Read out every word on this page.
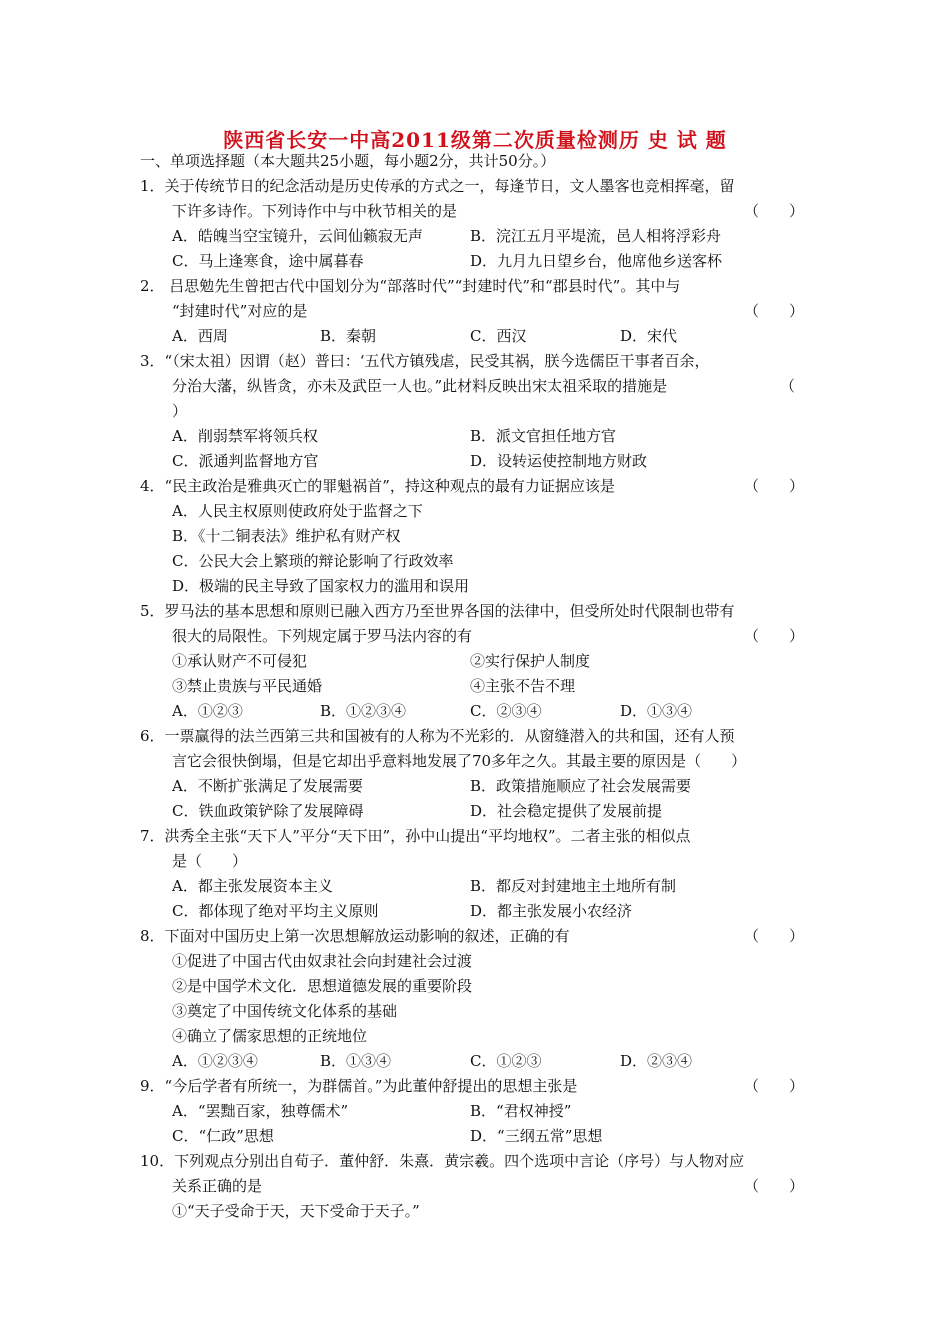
陕西省长安一中高2011级第二次质量检测历 史 试 题
一、单项选择题（本大题共25小题，每小题2分，共计50分。）
1．关于传统节日的纪念活动是历史传承的方式之一，每逢节日，文人墨客也竞相挥毫，留
下许多诗作。下列诗作中与中秋节相关的是	（　　）
A．皓魄当空宝镜升，云间仙籁寂无声	B．浣江五月平堤流，邑人相将浮彩舟
C．马上逢寒食，途中属暮春	D．九月九日望乡台，他席他乡送客杯
2． 吕思勉先生曾把古代中国划分为“部落时代”“封建时代”和“郡县时代”。其中与
“封建时代”对应的是	（　　）
A．西周	B．秦朝	C．西汉	D．宋代
3．“（宋太祖）因谓（赵）普曰：‘五代方镇残虐，民受其祸，朕今选儒臣干事者百余，
分治大藩，纵皆贪，亦未及武臣一人也。”此材料反映出宋太祖采取的措施是	（
）
A．削弱禁军将领兵权	B．派文官担任地方官
C．派通判监督地方官	D．设转运使控制地方财政
4．“民主政治是雅典灭亡的罪魁祸首”，持这种观点的最有力证据应该是	（　　）
A．人民主权原则使政府处于监督之下
B．《十二铜表法》维护私有财产权
C．公民大会上繁琐的辩论影响了行政效率
D．极端的民主导致了国家权力的滥用和误用
5．罗马法的基本思想和原则已融入西方乃至世界各国的法律中，但受所处时代限制也带有
很大的局限性。下列规定属于罗马法内容的有	（　　）
①承认财产不可侵犯	②实行保护人制度
③禁止贵族与平民通婚	④主张不告不理
A．①②③	B．①②③④	C．②③④	D．①③④
6．一票赢得的法兰西第三共和国被有的人称为不光彩的．从窗缝潜入的共和国，还有人预
言它会很快倒塌，但是它却出乎意料地发展了70多年之久。其最主要的原因是（　　）
A．不断扩张满足了发展需要	B．政策措施顺应了社会发展需要
C．铁血政策铲除了发展障碍	D．社会稳定提供了发展前提
7．洪秀全主张“天下人”平分“天下田”，孙中山提出“平均地权”。二者主张的相似点
是（　　）
A．都主张发展资本主义	B．都反对封建地主土地所有制
C．都体现了绝对平均主义原则	D．都主张发展小农经济
8．下面对中国历史上第一次思想解放运动影响的叙述，正确的有	（　　）
①促进了中国古代由奴隶社会向封建社会过渡
②是中国学术文化．思想道德发展的重要阶段
③奠定了中国传统文化体系的基础
④确立了儒家思想的正统地位
A．①②③④	B．①③④	C．①②③	D．②③④
9．“今后学者有所统一，为群儒首。”为此董仲舒提出的思想主张是	（　　）
A．“罢黜百家，独尊儒术”	B．“君权神授”
C．“仁政”思想	D．“三纲五常”思想
10．下列观点分别出自荀子．董仲舒．朱熹．黄宗羲。四个选项中言论（序号）与人物对应
关系正确的是	（　　）
①“天子受命于天，天下受命于天子。”
